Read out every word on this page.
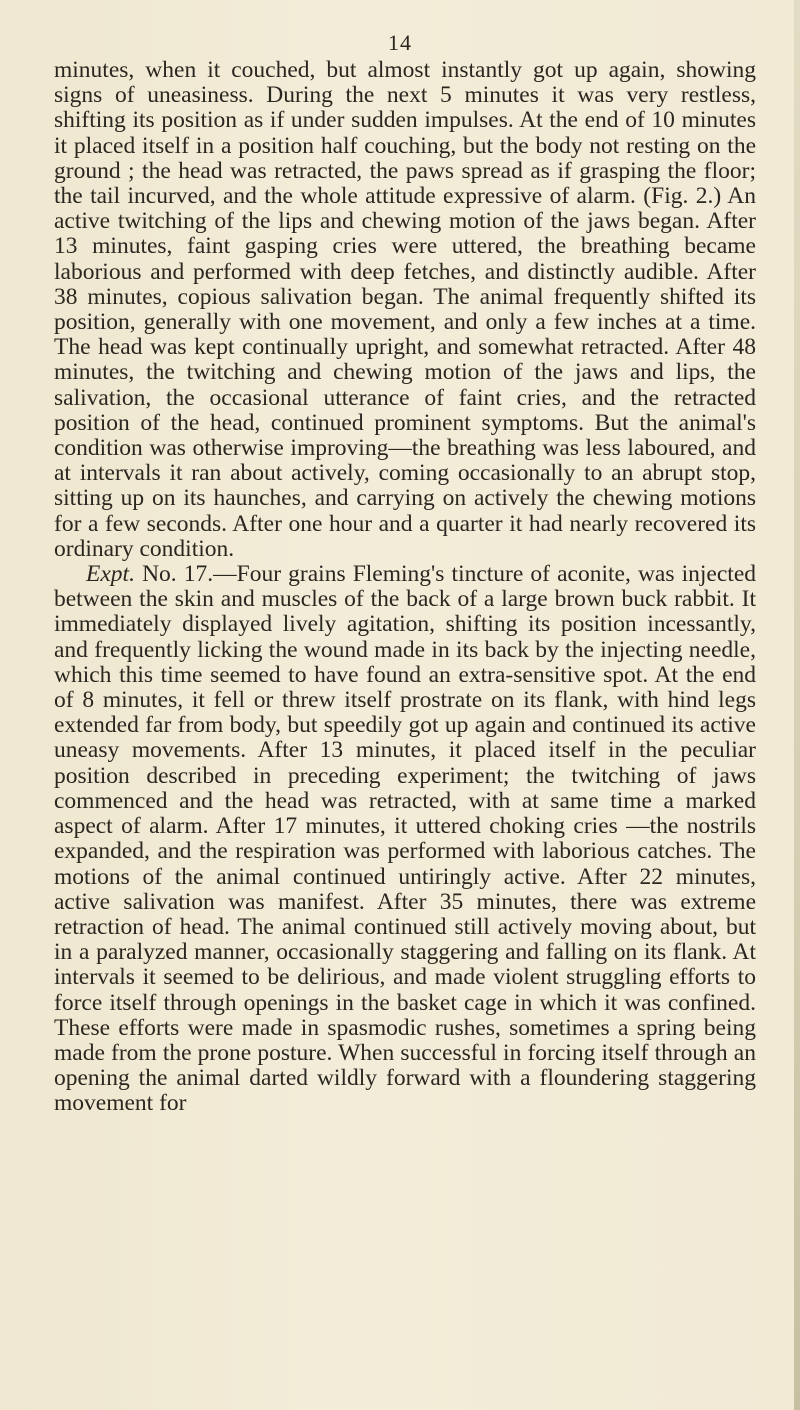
14

minutes, when it couched, but almost instantly got up again, showing signs of uneasiness. During the next 5 minutes it was very restless, shifting its position as if under sudden impulses. At the end of 10 minutes it placed itself in a position half couching, but the body not resting on the ground ; the head was retracted, the paws spread as if grasping the floor; the tail incurved, and the whole attitude expressive of alarm. (Fig. 2.) An active twitching of the lips and chewing motion of the jaws began. After 13 minutes, faint gasping cries were uttered, the breathing became laborious and performed with deep fetches, and distinctly audible. After 38 minutes, copious salivation began. The animal frequently shifted its position, generally with one movement, and only a few inches at a time. The head was kept continually upright, and somewhat retracted. After 48 minutes, the twitching and chewing motion of the jaws and lips, the salivation, the occasional utterance of faint cries, and the retracted position of the head, continued prominent symptoms. But the animal's condition was otherwise improving—the breathing was less laboured, and at intervals it ran about actively, coming occasionally to an abrupt stop, sitting up on its haunches, and carrying on actively the chewing motions for a few seconds. After one hour and a quarter it had nearly recovered its ordinary condition.

Expt. No. 17.—Four grains Fleming's tincture of aconite, was injected between the skin and muscles of the back of a large brown buck rabbit. It immediately displayed lively agitation, shifting its position incessantly, and frequently licking the wound made in its back by the injecting needle, which this time seemed to have found an extra-sensitive spot. At the end of 8 minutes, it fell or threw itself prostrate on its flank, with hind legs extended far from body, but speedily got up again and continued its active uneasy movements. After 13 minutes, it placed itself in the peculiar position described in preceding experiment; the twitching of jaws commenced and the head was retracted, with at same time a marked aspect of alarm. After 17 minutes, it uttered choking cries —the nostrils expanded, and the respiration was performed with laborious catches. The motions of the animal continued untiringly active. After 22 minutes, active salivation was manifest. After 35 minutes, there was extreme retraction of head. The animal continued still actively moving about, but in a paralyzed manner, occasionally staggering and falling on its flank. At intervals it seemed to be delirious, and made violent struggling efforts to force itself through openings in the basket cage in which it was confined. These efforts were made in spasmodic rushes, sometimes a spring being made from the prone posture. When successful in forcing itself through an opening the animal darted wildly forward with a floundering staggering movement for
